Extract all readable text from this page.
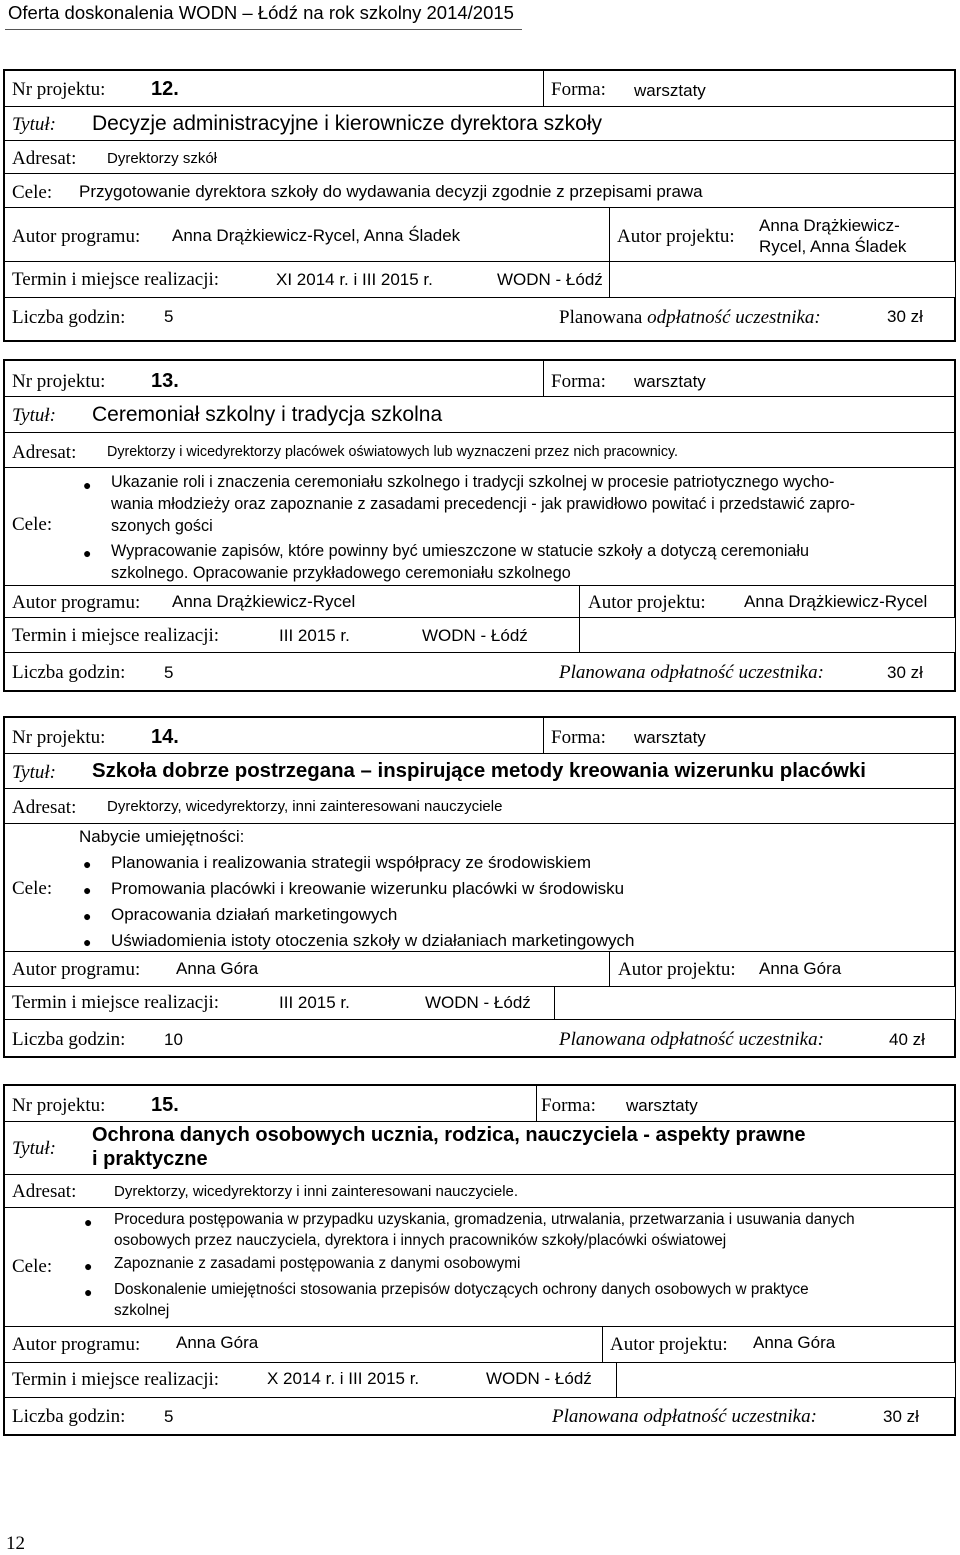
Oferta doskonalenia WODN – Łódź na rok szkolny 2014/2015
Nr projektu: 12.	Forma: warsztaty
Tytuł: Decyzje administracyjne i kierownicze dyrektora szkoły
Adresat: Dyrektorzy szkół
Cele: Przygotowanie dyrektora szkoły do wydawania decyzji zgodnie z przepisami prawa
Autor programu: Anna Drążkiewicz-Rycel, Anna Śladek	Autor projektu:
Anna Drążkiewicz-
Rycel, Anna Śladek
Termin i miejsce realizacji:	XI 2014 r. i III 2015 r.	WODN - Łódź
Liczba godzin: 5	Planowana odpłatność uczestnika:	30 zł
Nr projektu: 13.	Forma: warsztaty
Tytuł: Ceremoniał szkolny i tradycja szkolna
Adresat: Dyrektorzy i wicedyrektorzy placówek oświatowych lub wyznaczeni przez nich pracownicy.
Cele:
● Ukazanie roli i znaczenia ceremoniału szkolnego i tradycji szkolnej w procesie patriotycznego wycho-
wania młodzieży oraz zapoznanie z zasadami precedencji - jak prawidłowo powitać i przedstawić zapro-
szonych gości
● Wypracowanie zapisów, które powinny być umieszczone w statucie szkoły a dotyczą ceremoniału
szkolnego. Opracowanie przykładowego ceremoniału szkolnego
Autor programu: Anna Drążkiewicz-Rycel	Autor projektu: Anna Drążkiewicz-Rycel
Termin i miejsce realizacji:	III 2015 r.	WODN - Łódź
Liczba godzin: 5	Planowana odpłatność uczestnika:	30 zł
Nr projektu: 14.	Forma: warsztaty
Tytuł: Szkoła dobrze postrzegana – inspirujące metody kreowania wizerunku placówki
Adresat: Dyrektorzy, wicedyrektorzy, inni zainteresowani nauczyciele
Nabycie umiejętności:
Cele:
● Planowania i realizowania strategii współpracy ze środowiskiem
● Promowania placówki i kreowanie wizerunku placówki w środowisku
● Opracowania działań marketingowych
● Uświadomienia istoty otoczenia szkoły w działaniach marketingowych
Autor programu: Anna Góra	Autor projektu: Anna Góra
Termin i miejsce realizacji:	III 2015 r.	WODN - Łódź
Liczba godzin: 10	Planowana odpłatność uczestnika:	40 zł
Nr projektu: 15.	Forma: warsztaty
Tytuł:
Ochrona danych osobowych ucznia, rodzica, nauczyciela - aspekty prawne
i praktyczne
Adresat:	Dyrektorzy, wicedyrektorzy i inni zainteresowani nauczyciele.
Cele:
● Procedura postępowania w przypadku uzyskania, gromadzenia, utrwalania, przetwarzania i usuwania danych
osobowych przez nauczyciela, dyrektora i innych pracowników szkoły/placówki oświatowej
● Zapoznanie z zasadami postępowania z danymi osobowymi
● Doskonalenie umiejętności stosowania przepisów dotyczących ochrony danych osobowych w praktyce
szkolnej
Autor programu: Anna Góra	Autor projektu: Anna Góra
Termin i miejsce realizacji:	X 2014 r. i III 2015 r.	WODN - Łódź
Liczba godzin: 5	Planowana odpłatność uczestnika:	30 zł
12
